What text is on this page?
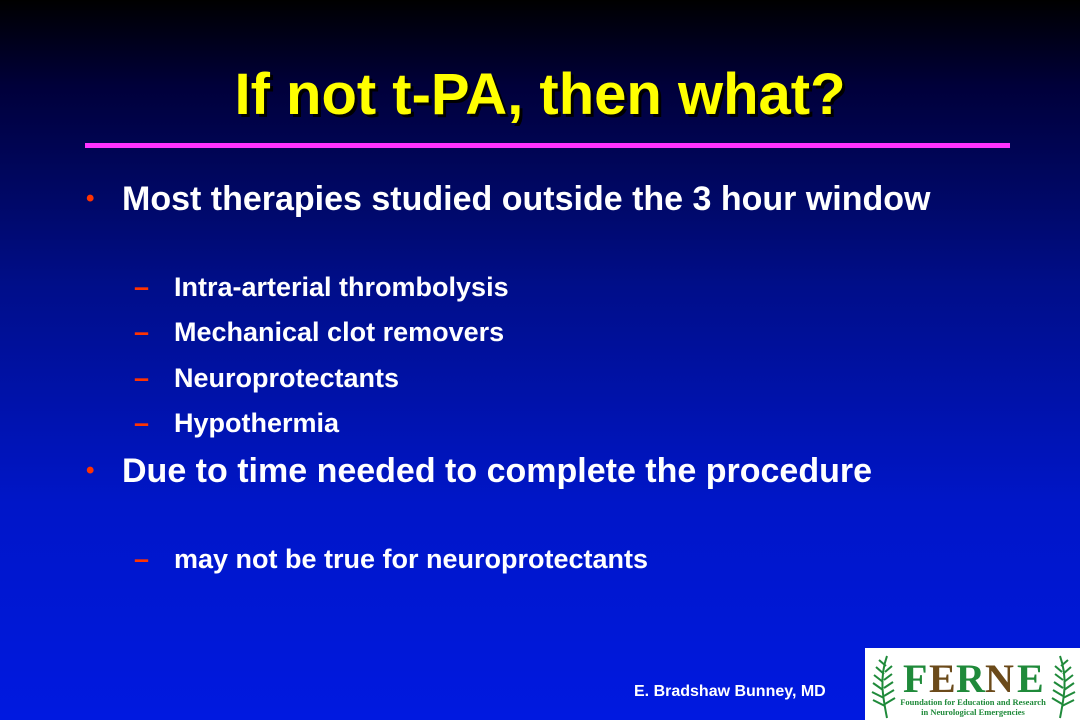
If not t-PA, then what?
• Most therapies studied outside the 3 hour window
– Intra-arterial thrombolysis
– Mechanical clot removers
– Neuroprotectants
– Hypothermia
• Due to time needed to complete the procedure
– may not be true for neuroprotectants
E. Bradshaw Bunney, MD F E R N E
Foundation for Education and Research
in Neurological Emergencies
